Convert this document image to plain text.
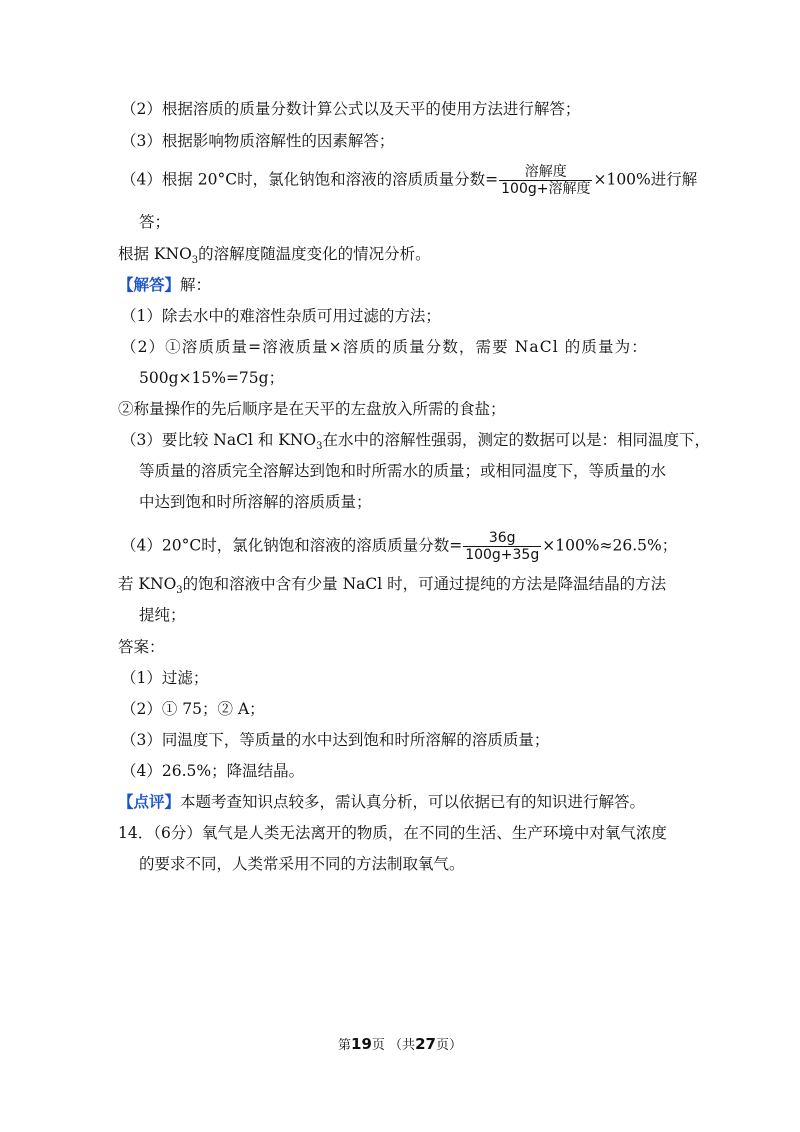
（2）根据溶质的质量分数计算公式以及天平的使用方法进行解答；
（3）根据影响物质溶解性的因素解答；
（4）根据 20°C时，氯化钠饱和溶液的溶质质量分数= $\frac{\text{溶解度}}{\text{100g+溶解度}} \times 100\%$进行解
答；
根据 $KNO_3$的溶解度随温度变化的情况分析。
【解答】解：
（1）除去水中的难溶性杂质可用过滤的方法；
（2）①溶质质量=溶液质量×溶质的质量分数，需要 NaCl 的质量为：
500g×15%=75g；
②称量操作的先后顺序是在天平的左盘放入所需的食盐；
（3）要比较 NaCl 和 $KNO_3$在水中的溶解性强弱，测定的数据可以是：相同温度下，
等质量的溶质完全溶解达到饱和时所需水的质量；或相同温度下，等质量的水
中达到饱和时所溶解的溶质质量；
（4）20°C时，氯化钠饱和溶液的溶质质量分数= $\frac{36g}{100g+35g} \times 100\%\approx 26.5\%$；
若 $KNO_3$的饱和溶液中含有少量 NaCl 时，可通过提纯的方法是降温结晶的方法
提纯；
答案：
（1）过滤；
（2）① 75；② A；
（3）同温度下，等质量的水中达到饱和时所溶解的溶质质量；
（4）26.5%；降温结晶。
【点评】本题考查知识点较多，需认真分析，可以依据已有的知识进行解答。
14．（6分）氧气是人类无法离开的物质，在不同的生活、生产环境中对氧气浓度
的要求不同，人类常采用不同的方法制取氧气。
第19页 （共27页）
